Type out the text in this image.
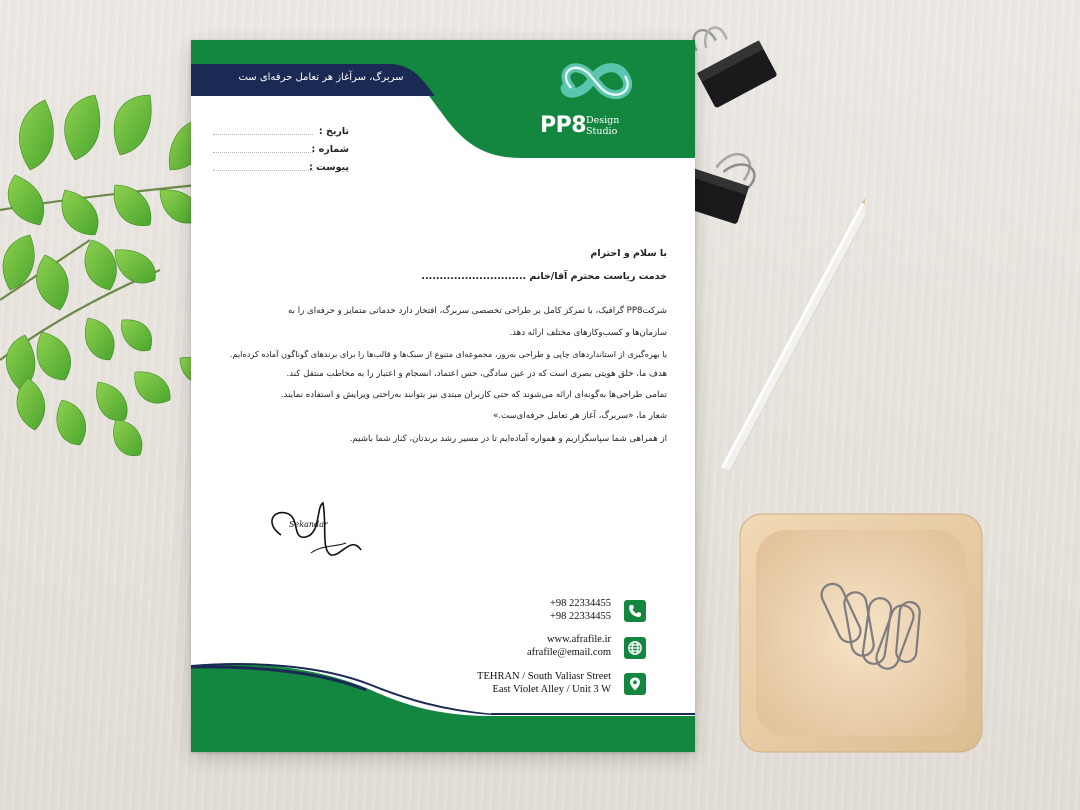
سربرگ، سرآغاز هر تعامل حرفه‌ای ست
PP8 Design
Studio
تاریخ :
شماره :
پیوست :
با سلام و احترام
خدمت ریاست محترم آقا/خانم .............................
شرکتPP8 گرافیک، با تمرکز کامل بر طراحی تخصصی سربرگ، افتخار دارد خدماتی متمایز و حرفه‌ای را به
سازمان‌ها و کسب‌وکارهای مختلف ارائه دهد.
با بهره‌گیری از استانداردهای چاپی و طراحی به‌روز، مجموعه‌ای متنوع از سبک‌ها و قالب‌ها را برای برندهای گوناگون آماده کرده‌ایم.
هدف ما، خلق هویتی بصری است که در عین سادگی، حس اعتماد، انسجام و اعتبار را به مخاطب منتقل کند.
تمامی طراحی‌ها به‌گونه‌ای ارائه می‌شوند که حتی کاربران مبتدی نیز بتوانند به‌راحتی ویرایش و استفاده نمایند.
شعار ما، «سربرگ، آغاز هر تعامل حرفه‌ای‌ست.»
از همراهی شما سپاسگزاریم و همواره آماده‌ایم تا در مسیر رشد برندتان، کنار شما باشیم.
Sekandar
+98 22334455
+98 22334455
www.afrafile.ir
afrafile@email.com
TEHRAN / South Valiasr Street
East Violet Alley / Unit 3 W
